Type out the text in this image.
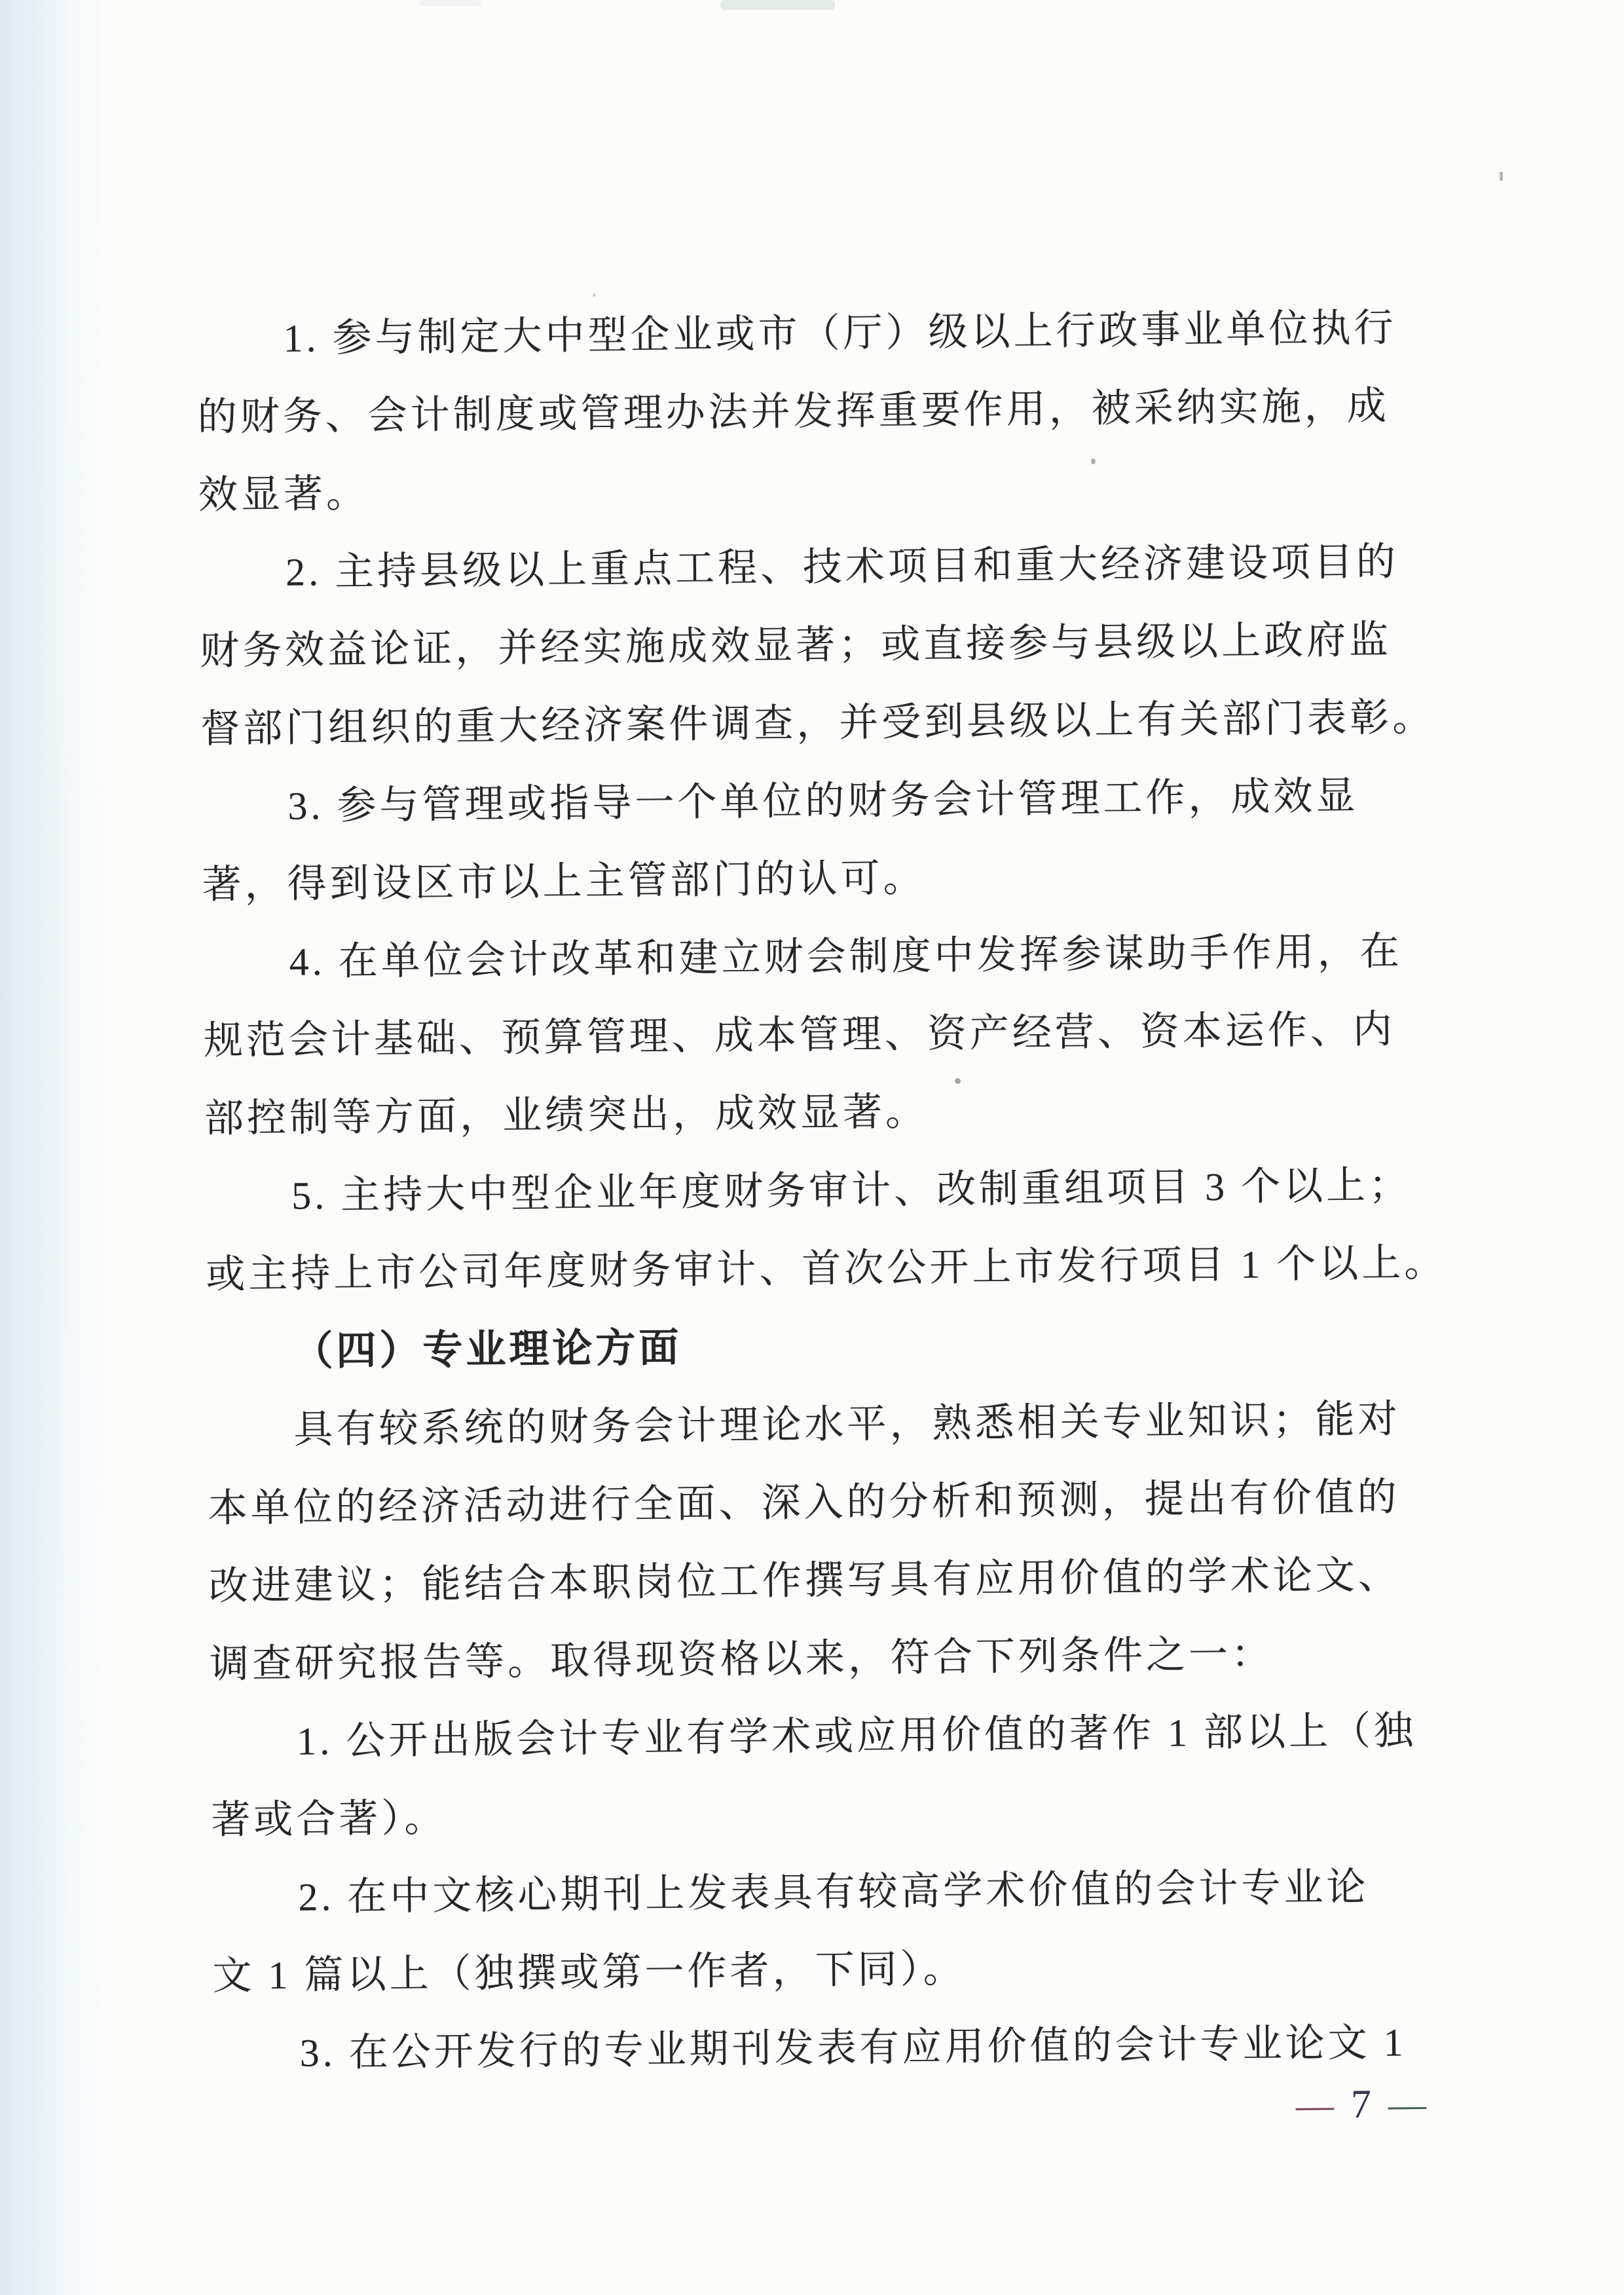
1. 参与制定大中型企业或市（厅）级以上行政事业单位执行
的财务、会计制度或管理办法并发挥重要作用，被采纳实施，成
效显著。
2. 主持县级以上重点工程、技术项目和重大经济建设项目的
财务效益论证，并经实施成效显著；或直接参与县级以上政府监
督部门组织的重大经济案件调查，并受到县级以上有关部门表彰。
3. 参与管理或指导一个单位的财务会计管理工作，成效显
著，得到设区市以上主管部门的认可。
4. 在单位会计改革和建立财会制度中发挥参谋助手作用，在
规范会计基础、预算管理、成本管理、资产经营、资本运作、内
部控制等方面，业绩突出，成效显著。
5. 主持大中型企业年度财务审计、改制重组项目 3 个以上；
或主持上市公司年度财务审计、首次公开上市发行项目 1 个以上。
（四）专业理论方面
具有较系统的财务会计理论水平，熟悉相关专业知识；能对
本单位的经济活动进行全面、深入的分析和预测，提出有价值的
改进建议；能结合本职岗位工作撰写具有应用价值的学术论文、
调查研究报告等。取得现资格以来，符合下列条件之一：
1. 公开出版会计专业有学术或应用价值的著作 1 部以上（独
著或合著）。
2. 在中文核心期刊上发表具有较高学术价值的会计专业论
文 1 篇以上（独撰或第一作者，下同）。
3. 在公开发行的专业期刊发表有应用价值的会计专业论文 1
— 7 —
